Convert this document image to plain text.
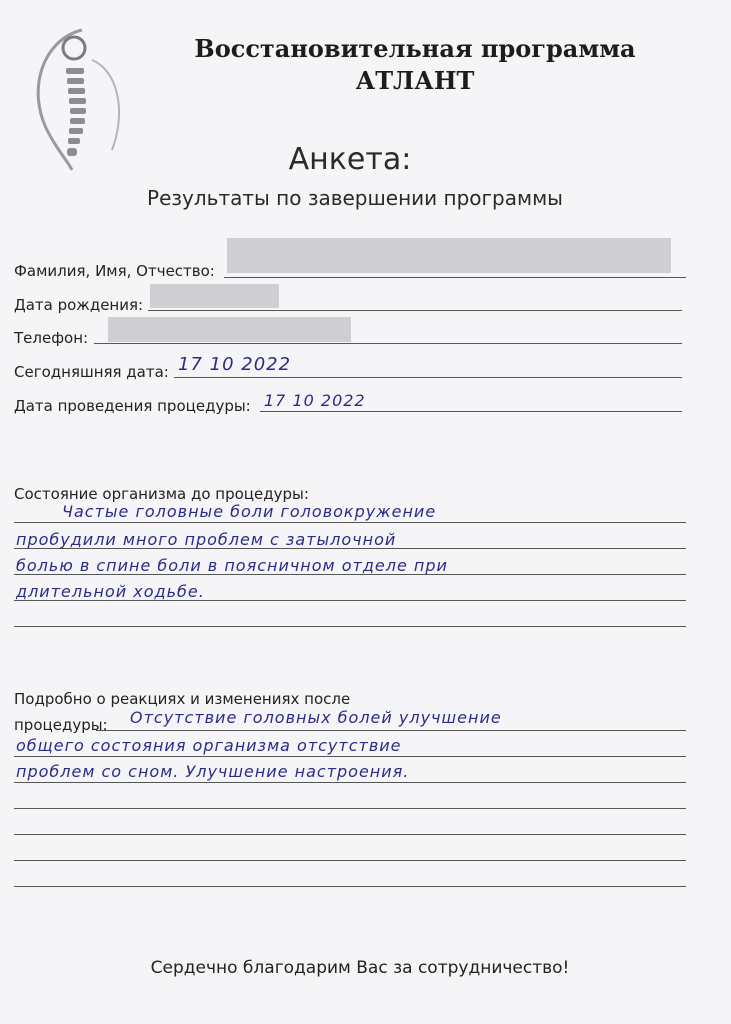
Восстановительная программа
АТЛАНТ
Анкета:
Результаты по завершении программы
Фамилия, Имя, Отчество:
Дата рождения:
Телефон:
Сегодняшняя дата: 17 10 2022
Дата проведения процедуры: 17 10 2022
Состояние организма до процедуры:
Частые головные боли головокружение
пробудили много проблем с затылочной
болью в спине боли в поясничном отделе при
длительной ходьбе.
Подробно о реакциях и изменениях после
процедуры: Отсутствие головных болей улучшение
общего состояния организма отсутствие
проблем со сном. Улучшение настроения.
Сердечно благодарим Вас за сотрудничество!
